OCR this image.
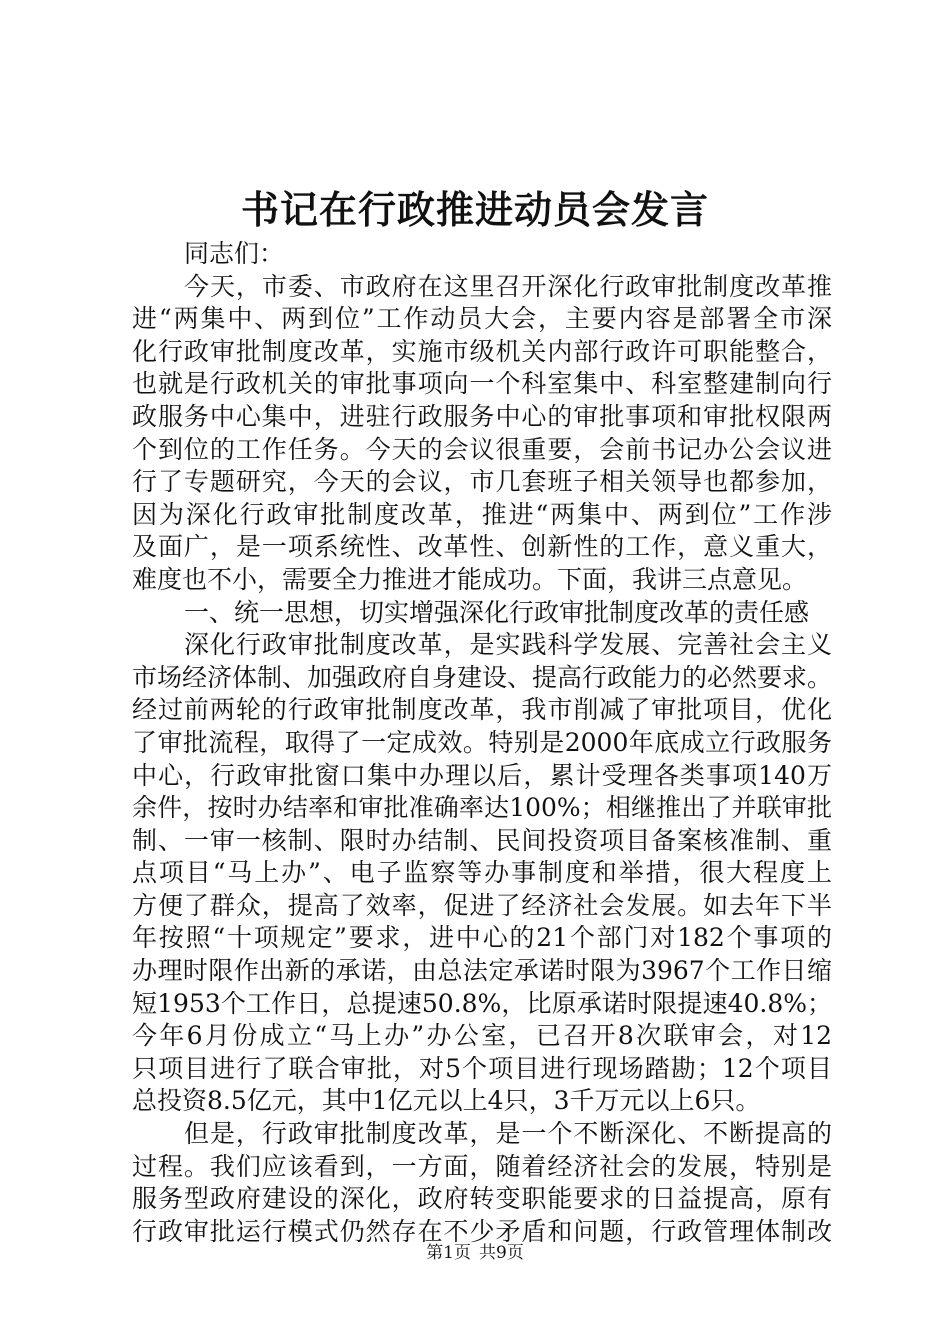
书记在行政推进动员会发言
同志们：
今天，市委、市政府在这里召开深化行政审批制度改革推
进“两集中、两到位”工作动员大会，主要内容是部署全市深
化行政审批制度改革，实施市级机关内部行政许可职能整合，
也就是行政机关的审批事项向一个科室集中、科室整建制向行
政服务中心集中，进驻行政服务中心的审批事项和审批权限两
个到位的工作任务。今天的会议很重要，会前书记办公会议进
行了专题研究，今天的会议，市几套班子相关领导也都参加，
因为深化行政审批制度改革，推进“两集中、两到位”工作涉
及面广，是一项系统性、改革性、创新性的工作，意义重大，
难度也不小，需要全力推进才能成功。下面，我讲三点意见。
一、统一思想，切实增强深化行政审批制度改革的责任感
深化行政审批制度改革，是实践科学发展、完善社会主义
市场经济体制、加强政府自身建设、提高行政能力的必然要求。
经过前两轮的行政审批制度改革，我市削减了审批项目，优化
了审批流程，取得了一定成效。特别是2000年底成立行政服务
中心，行政审批窗口集中办理以后，累计受理各类事项140万
余件，按时办结率和审批准确率达100%；相继推出了并联审批
制、一审一核制、限时办结制、民间投资项目备案核准制、重
点项目“马上办”、电子监察等办事制度和举措，很大程度上
方便了群众，提高了效率，促进了经济社会发展。如去年下半
年按照“十项规定”要求，进中心的21个部门对182个事项的
办理时限作出新的承诺，由总法定承诺时限为3967个工作日缩
短1953个工作日，总提速50.8%，比原承诺时限提速40.8%；
今年6月份成立“马上办”办公室，已召开8次联审会，对12
只项目进行了联合审批，对5个项目进行现场踏勘；12个项目
总投资8.5亿元，其中1亿元以上4只，3千万元以上6只。
但是，行政审批制度改革，是一个不断深化、不断提高的
过程。我们应该看到，一方面，随着经济社会的发展，特别是
服务型政府建设的深化，政府转变职能要求的日益提高，原有
行政审批运行模式仍然存在不少矛盾和问题，行政管理体制改
第1页 共9页
